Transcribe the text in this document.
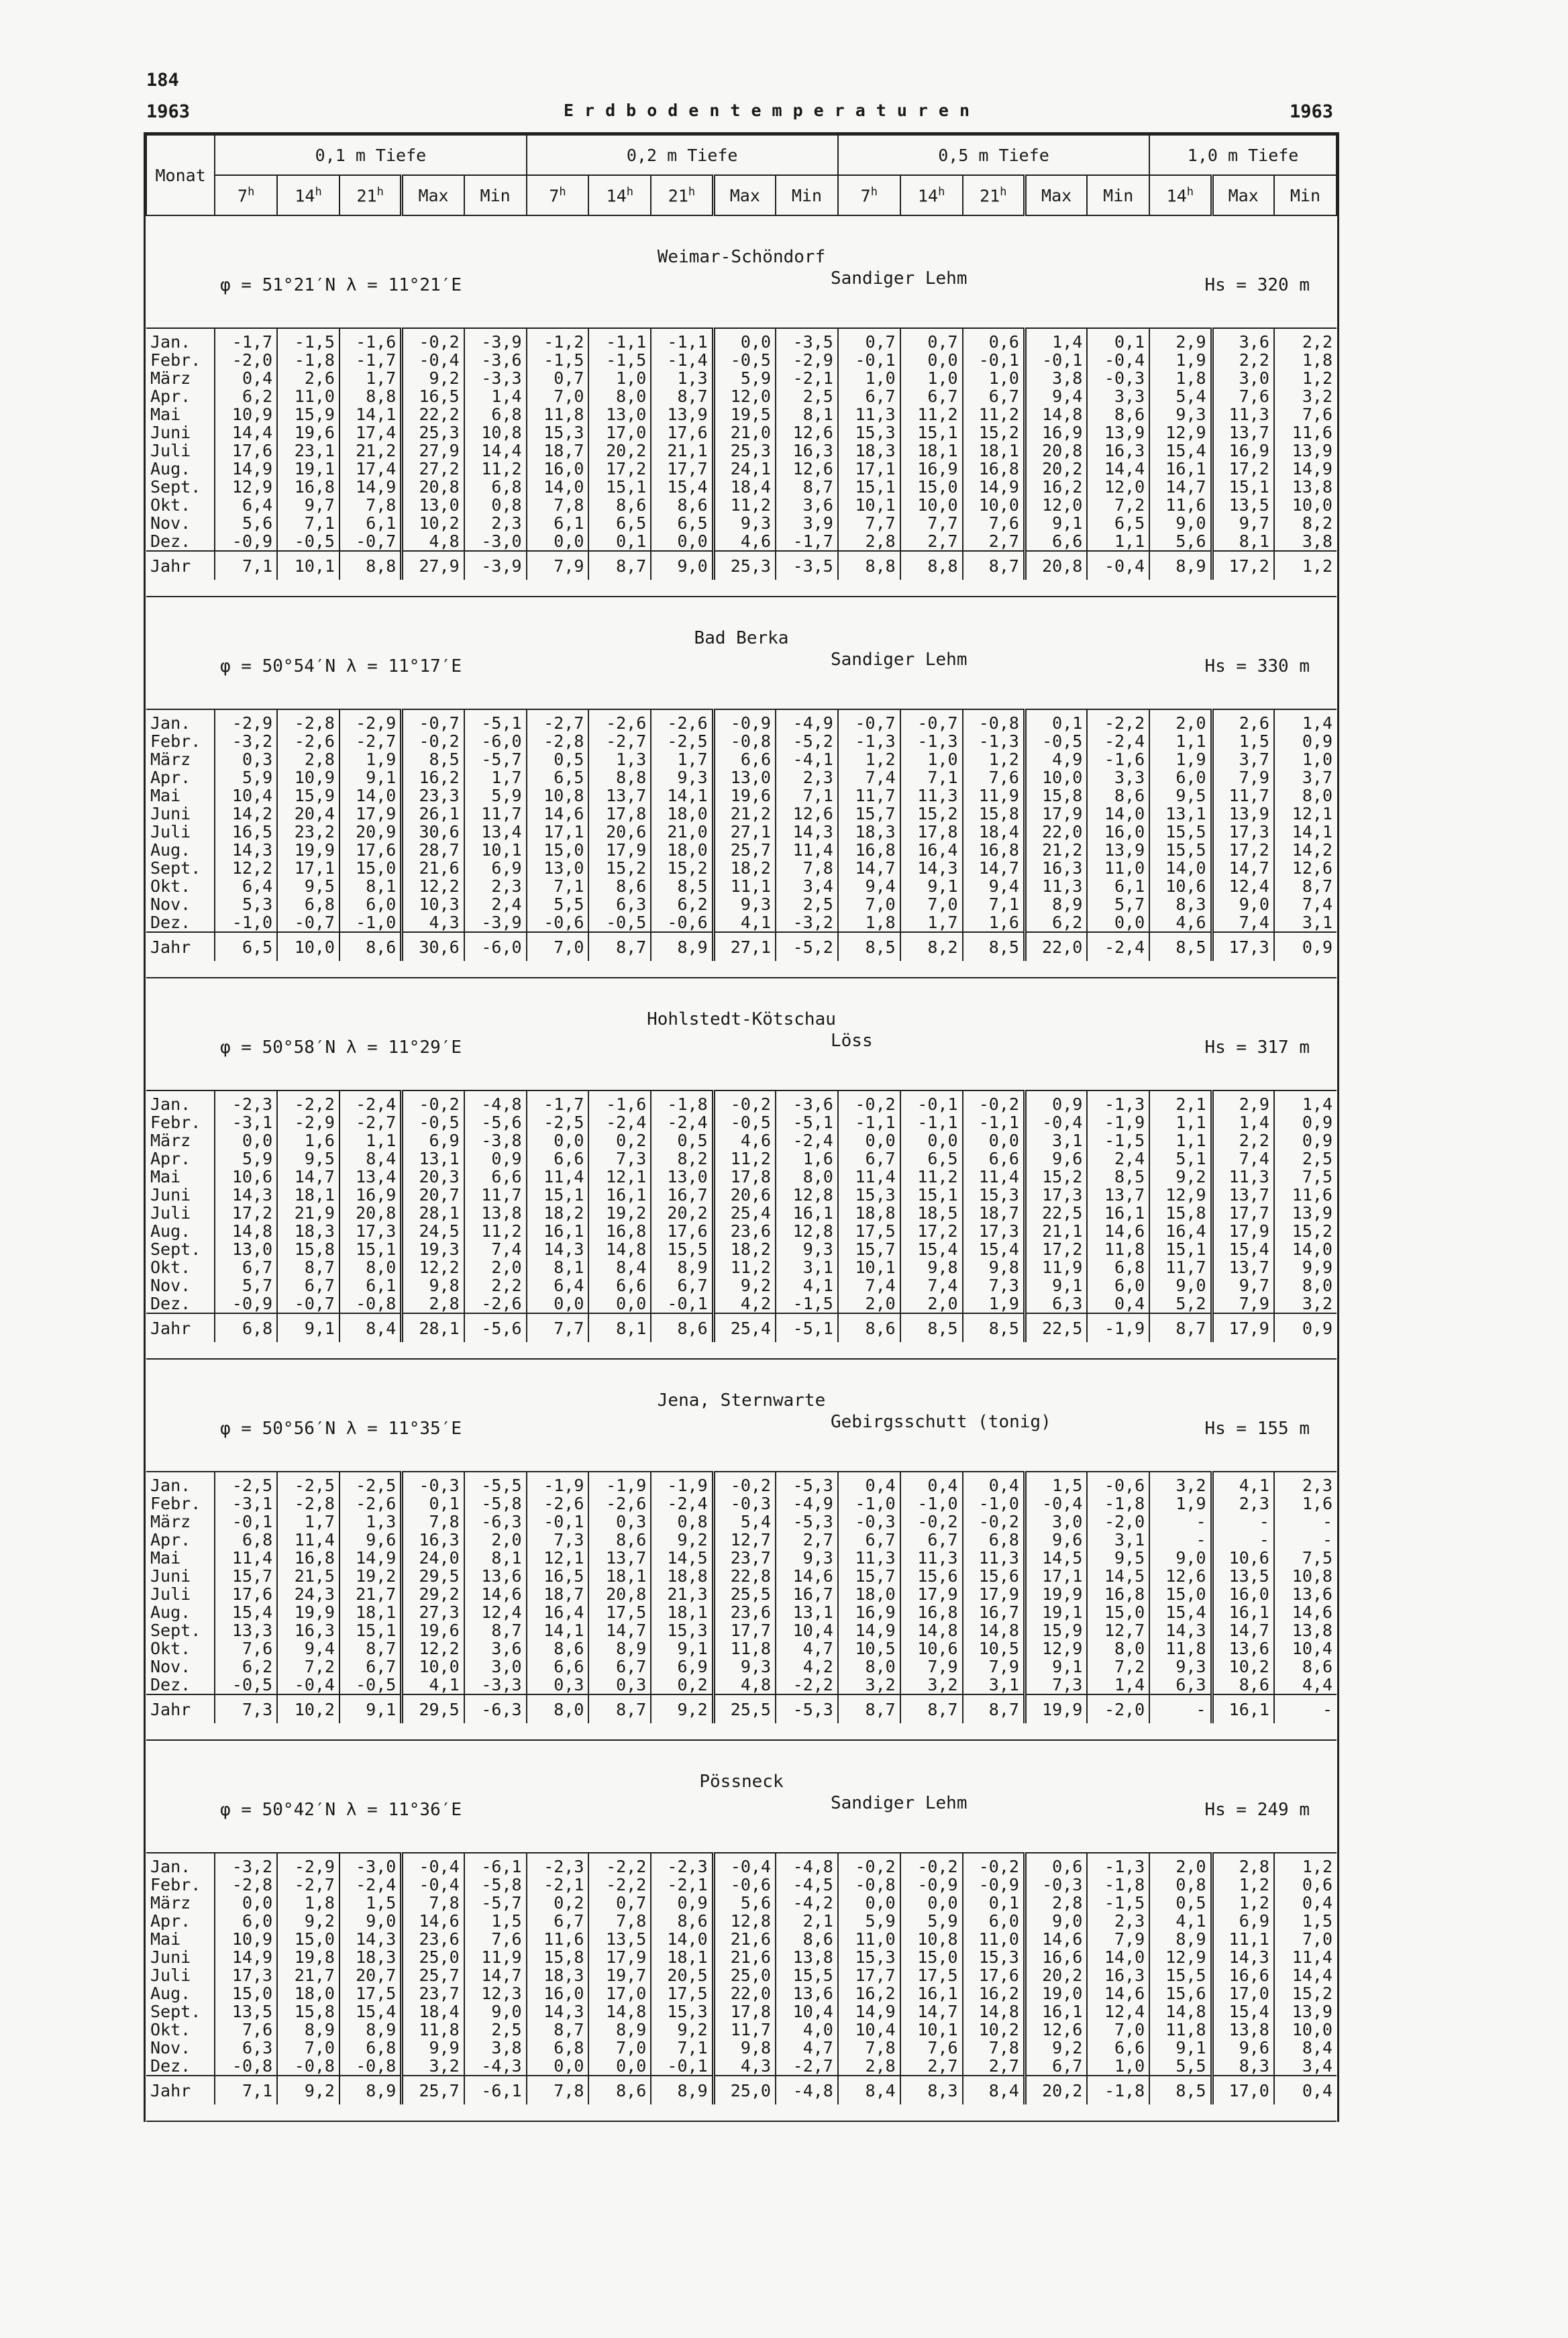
184
1963	Erdbodentemperaturen	1963
Monat	0,1 m Tiefe					0,2 m Tiefe					0,5 m Tiefe					1,0 m Tiefe		
	7$^h$	14$^h$	21$^h$	Max	Min	7$^h$	14$^h$	21$^h$	Max	Min	7$^h$	14$^h$	21$^h$	Max	Min	14$^h$	Max	Min

Weimar-Schöndorf
φ = 51°21′N λ = 11°21′E Sandiger Lehm Hs = 320 m																		

Jan.	-1,7	-1,5	-1,6	-0,2	-3,9	-1,2	-1,1	-1,1	0,0	-3,5	0,7	0,7	0,6	1,4	0,1	2,9	3,6	2,2
Febr.	-2,0	-1,8	-1,7	-0,4	-3,6	-1,5	-1,5	-1,4	-0,5	-2,9	-0,1	0,0	-0,1	-0,1	-0,4	1,9	2,2	1,8
März	0,4	2,6	1,7	9,2	-3,3	0,7	1,0	1,3	5,9	-2,1	1,0	1,0	1,0	3,8	-0,3	1,8	3,0	1,2
Apr.	6,2	11,0	8,8	16,5	1,4	7,0	8,0	8,7	12,0	2,5	6,7	6,7	6,7	9,4	3,3	5,4	7,6	3,2
Mai	10,9	15,9	14,1	22,2	6,8	11,8	13,0	13,9	19,5	8,1	11,3	11,2	11,2	14,8	8,6	9,3	11,3	7,6
Juni	14,4	19,6	17,4	25,3	10,8	15,3	17,0	17,6	21,0	12,6	15,3	15,1	15,2	16,9	13,9	12,9	13,7	11,6
Juli	17,6	23,1	21,2	27,9	14,4	18,7	20,2	21,1	25,3	16,3	18,3	18,1	18,1	20,8	16,3	15,4	16,9	13,9
Aug.	14,9	19,1	17,4	27,2	11,2	16,0	17,2	17,7	24,1	12,6	17,1	16,9	16,8	20,2	14,4	16,1	17,2	14,9
Sept.	12,9	16,8	14,9	20,8	6,8	14,0	15,1	15,4	18,4	8,7	15,1	15,0	14,9	16,2	12,0	14,7	15,1	13,8
Okt.	6,4	9,7	7,8	13,0	0,8	7,8	8,6	8,6	11,2	3,6	10,1	10,0	10,0	12,0	7,2	11,6	13,5	10,0
Nov.	5,6	7,1	6,1	10,2	2,3	6,1	6,5	6,5	9,3	3,9	7,7	7,7	7,6	9,1	6,5	9,0	9,7	8,2
Dez.	-0,9	-0,5	-0,7	4,8	-3,0	0,0	0,1	0,0	4,6	-1,7	2,8	2,7	2,7	6,6	1,1	5,6	8,1	3,8
Jahr	7,1	10,1	8,8	27,9	-3,9	7,9	8,7	9,0	25,3	-3,5	8,8	8,8	8,7	20,8	-0,4	8,9	17,2	1,2

Bad Berka
φ = 50°54′N λ = 11°17′E Sandiger Lehm Hs = 330 m																		

Jan.	-2,9	-2,8	-2,9	-0,7	-5,1	-2,7	-2,6	-2,6	-0,9	-4,9	-0,7	-0,7	-0,8	0,1	-2,2	2,0	2,6	1,4
Febr.	-3,2	-2,6	-2,7	-0,2	-6,0	-2,8	-2,7	-2,5	-0,8	-5,2	-1,3	-1,3	-1,3	-0,5	-2,4	1,1	1,5	0,9
März	0,3	2,8	1,9	8,5	-5,7	0,5	1,3	1,7	6,6	-4,1	1,2	1,0	1,2	4,9	-1,6	1,9	3,7	1,0
Apr.	5,9	10,9	9,1	16,2	1,7	6,5	8,8	9,3	13,0	2,3	7,4	7,1	7,6	10,0	3,3	6,0	7,9	3,7
Mai	10,4	15,9	14,0	23,3	5,9	10,8	13,7	14,1	19,6	7,1	11,7	11,3	11,9	15,8	8,6	9,5	11,7	8,0
Juni	14,2	20,4	17,9	26,1	11,7	14,6	17,8	18,0	21,2	12,6	15,7	15,2	15,8	17,9	14,0	13,1	13,9	12,1
Juli	16,5	23,2	20,9	30,6	13,4	17,1	20,6	21,0	27,1	14,3	18,3	17,8	18,4	22,0	16,0	15,5	17,3	14,1
Aug.	14,3	19,9	17,6	28,7	10,1	15,0	17,9	18,0	25,7	11,4	16,8	16,4	16,8	21,2	13,9	15,5	17,2	14,2
Sept.	12,2	17,1	15,0	21,6	6,9	13,0	15,2	15,2	18,2	7,8	14,7	14,3	14,7	16,3	11,0	14,0	14,7	12,6
Okt.	6,4	9,5	8,1	12,2	2,3	7,1	8,6	8,5	11,1	3,4	9,4	9,1	9,4	11,3	6,1	10,6	12,4	8,7
Nov.	5,3	6,8	6,0	10,3	2,4	5,5	6,3	6,2	9,3	2,5	7,0	7,0	7,1	8,9	5,7	8,3	9,0	7,4
Dez.	-1,0	-0,7	-1,0	4,3	-3,9	-0,6	-0,5	-0,6	4,1	-3,2	1,8	1,7	1,6	6,2	0,0	4,6	7,4	3,1
Jahr	6,5	10,0	8,6	30,6	-6,0	7,0	8,7	8,9	27,1	-5,2	8,5	8,2	8,5	22,0	-2,4	8,5	17,3	0,9

Hohlstedt-Kötschau
φ = 50°58′N λ = 11°29′E Löss Hs = 317 m																		

Jan.	-2,3	-2,2	-2,4	-0,2	-4,8	-1,7	-1,6	-1,8	-0,2	-3,6	-0,2	-0,1	-0,2	0,9	-1,3	2,1	2,9	1,4
Febr.	-3,1	-2,9	-2,7	-0,5	-5,6	-2,5	-2,4	-2,4	-0,5	-5,1	-1,1	-1,1	-1,1	-0,4	-1,9	1,1	1,4	0,9
März	0,0	1,6	1,1	6,9	-3,8	0,0	0,2	0,5	4,6	-2,4	0,0	0,0	0,0	3,1	-1,5	1,1	2,2	0,9
Apr.	5,9	9,5	8,4	13,1	0,9	6,6	7,3	8,2	11,2	1,6	6,7	6,5	6,6	9,6	2,4	5,1	7,4	2,5
Mai	10,6	14,7	13,4	20,3	6,6	11,4	12,1	13,0	17,8	8,0	11,4	11,2	11,4	15,2	8,5	9,2	11,3	7,5
Juni	14,3	18,1	16,9	20,7	11,7	15,1	16,1	16,7	20,6	12,8	15,3	15,1	15,3	17,3	13,7	12,9	13,7	11,6
Juli	17,2	21,9	20,8	28,1	13,8	18,2	19,2	20,2	25,4	16,1	18,8	18,5	18,7	22,5	16,1	15,8	17,7	13,9
Aug.	14,8	18,3	17,3	24,5	11,2	16,1	16,8	17,6	23,6	12,8	17,5	17,2	17,3	21,1	14,6	16,4	17,9	15,2
Sept.	13,0	15,8	15,1	19,3	7,4	14,3	14,8	15,5	18,2	9,3	15,7	15,4	15,4	17,2	11,8	15,1	15,4	14,0
Okt.	6,7	8,7	8,0	12,2	2,0	8,1	8,4	8,9	11,2	3,1	10,1	9,8	9,8	11,9	6,8	11,7	13,7	9,9
Nov.	5,7	6,7	6,1	9,8	2,2	6,4	6,6	6,7	9,2	4,1	7,4	7,4	7,3	9,1	6,0	9,0	9,7	8,0
Dez.	-0,9	-0,7	-0,8	2,8	-2,6	0,0	0,0	-0,1	4,2	-1,5	2,0	2,0	1,9	6,3	0,4	5,2	7,9	3,2
Jahr	6,8	9,1	8,4	28,1	-5,6	7,7	8,1	8,6	25,4	-5,1	8,6	8,5	8,5	22,5	-1,9	8,7	17,9	0,9

Jena, Sternwarte
φ = 50°56′N λ = 11°35′E Gebirgsschutt (tonig) Hs = 155 m																		

Jan.	-2,5	-2,5	-2,5	-0,3	-5,5	-1,9	-1,9	-1,9	-0,2	-5,3	0,4	0,4	0,4	1,5	-0,6	3,2	4,1	2,3
Febr.	-3,1	-2,8	-2,6	0,1	-5,8	-2,6	-2,6	-2,4	-0,3	-4,9	-1,0	-1,0	-1,0	-0,4	-1,8	1,9	2,3	1,6
März	-0,1	1,7	1,3	7,8	-6,3	-0,1	0,3	0,8	5,4	-5,3	-0,3	-0,2	-0,2	3,0	-2,0	-	-	-
Apr.	6,8	11,4	9,6	16,3	2,0	7,3	8,6	9,2	12,7	2,7	6,7	6,7	6,8	9,6	3,1	-	-	-
Mai	11,4	16,8	14,9	24,0	8,1	12,1	13,7	14,5	23,7	9,3	11,3	11,3	11,3	14,5	9,5	9,0	10,6	7,5
Juni	15,7	21,5	19,2	29,5	13,6	16,5	18,1	18,8	22,8	14,6	15,7	15,6	15,6	17,1	14,5	12,6	13,5	10,8
Juli	17,6	24,3	21,7	29,2	14,6	18,7	20,8	21,3	25,5	16,7	18,0	17,9	17,9	19,9	16,8	15,0	16,0	13,6
Aug.	15,4	19,9	18,1	27,3	12,4	16,4	17,5	18,1	23,6	13,1	16,9	16,8	16,7	19,1	15,0	15,4	16,1	14,6
Sept.	13,3	16,3	15,1	19,6	8,7	14,1	14,7	15,3	17,7	10,4	14,9	14,8	14,8	15,9	12,7	14,3	14,7	13,8
Okt.	7,6	9,4	8,7	12,2	3,6	8,6	8,9	9,1	11,8	4,7	10,5	10,6	10,5	12,9	8,0	11,8	13,6	10,4
Nov.	6,2	7,2	6,7	10,0	3,0	6,6	6,7	6,9	9,3	4,2	8,0	7,9	7,9	9,1	7,2	9,3	10,2	8,6
Dez.	-0,5	-0,4	-0,5	4,1	-3,3	0,3	0,3	0,2	4,8	-2,2	3,2	3,2	3,1	7,3	1,4	6,3	8,6	4,4
Jahr	7,3	10,2	9,1	29,5	-6,3	8,0	8,7	9,2	25,5	-5,3	8,7	8,7	8,7	19,9	-2,0	-	16,1	-

Pössneck
φ = 50°42′N λ = 11°36′E Sandiger Lehm Hs = 249 m																		

Jan.	-3,2	-2,9	-3,0	-0,4	-6,1	-2,3	-2,2	-2,3	-0,4	-4,8	-0,2	-0,2	-0,2	0,6	-1,3	2,0	2,8	1,2
Febr.	-2,8	-2,7	-2,4	-0,4	-5,8	-2,1	-2,2	-2,1	-0,6	-4,5	-0,8	-0,9	-0,9	-0,3	-1,8	0,8	1,2	0,6
März	0,0	1,8	1,5	7,8	-5,7	0,2	0,7	0,9	5,6	-4,2	0,0	0,0	0,1	2,8	-1,5	0,5	1,2	0,4
Apr.	6,0	9,2	9,0	14,6	1,5	6,7	7,8	8,6	12,8	2,1	5,9	5,9	6,0	9,0	2,3	4,1	6,9	1,5
Mai	10,9	15,0	14,3	23,6	7,6	11,6	13,5	14,0	21,6	8,6	11,0	10,8	11,0	14,6	7,9	8,9	11,1	7,0
Juni	14,9	19,8	18,3	25,0	11,9	15,8	17,9	18,1	21,6	13,8	15,3	15,0	15,3	16,6	14,0	12,9	14,3	11,4
Juli	17,3	21,7	20,7	25,7	14,7	18,3	19,7	20,5	25,0	15,5	17,7	17,5	17,6	20,2	16,3	15,5	16,6	14,4
Aug.	15,0	18,0	17,5	23,7	12,3	16,0	17,0	17,5	22,0	13,6	16,2	16,1	16,2	19,0	14,6	15,6	17,0	15,2
Sept.	13,5	15,8	15,4	18,4	9,0	14,3	14,8	15,3	17,8	10,4	14,9	14,7	14,8	16,1	12,4	14,8	15,4	13,9
Okt.	7,6	8,9	8,9	11,8	2,5	8,7	8,9	9,2	11,7	4,0	10,4	10,1	10,2	12,6	7,0	11,8	13,8	10,0
Nov.	6,3	7,0	6,8	9,9	3,8	6,8	7,0	7,1	9,8	4,7	7,8	7,6	7,8	9,2	6,6	9,1	9,6	8,4
Dez.	-0,8	-0,8	-0,8	3,2	-4,3	0,0	0,0	-0,1	4,3	-2,7	2,8	2,7	2,7	6,7	1,0	5,5	8,3	3,4
Jahr	7,1	9,2	8,9	25,7	-6,1	7,8	8,6	8,9	25,0	-4,8	8,4	8,3	8,4	20,2	-1,8	8,5	17,0	0,4
